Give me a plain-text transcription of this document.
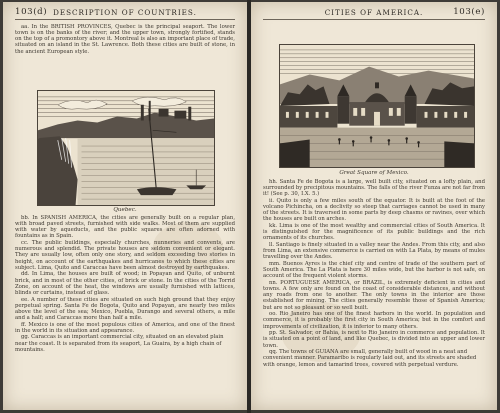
103(d) DESCRIPTION OF COUNTRIES.

aa. In the BRITISH PROVINCES, Quebec is the principal seaport. The lower town is on the banks of the river; and the upper town, strongly fortified, stands on the top of a promontory above it. Montreal is also an important place of trade, situated on an island in the St. Lawrence. Both these cities are built of stone, in the ancient European style.

Quebec.

bb. In SPANISH AMERICA, the cities are generally built on a regular plan, with broad paved streets, furnished with side walks. Most of them are supplied with water by aqueducts, and the public squares are often adorned with fountains as in Spain.

cc. The public buildings, especially churches, nunneries and convents, are numerous and splendid. The private houses are seldom convenient or elegant. They are usually low, often only one story, and seldom exceeding two stories in height, on account of the earthquakes and hurricanes to which these cities are subject. Lima, Quito and Caraccas have been almost destroyed by earthquakes.

dd. In Lima, the houses are built of wood; in Popayan and Quito, of unburnt brick, and in most of the other cities, of brick or stone. In the cities of the Torrid Zone, on account of the heat, the windows are usually furnished with lattices, blinds or curtains, instead of glass.

ee. A number of these cities are situated on such high ground that they enjoy perpetual spring. Santa Fe de Bogota, Quito and Popayan, are nearly two miles above the level of the sea; Mexico, Puebla, Durango and several others, a mile and a half; and Caraccas more than half a mile.

ff. Mexico is one of the most populous cities of America, and one of the finest in the world in its situation and appearance.

gg. Caraccas is an important commercial city, situated on an elevated plain near the coast. It is separated from its seaport, La Guaira, by a high chain of mountains.

CITIES OF AMERICA.	103(e)
Great Square of Mexico.

hh. Santa Fe de Bogota is a large, well built city, situated on a lofty plain, and surrounded by precipitous mountains. The falls of the river Funza are not far from it! (See p. 30, I.X. 5.)

ii. Quito is only a few miles south of the equator. It is built at the foot of the volcano Pichincha, on a declivity so steep that carriages cannot be used in many of the streets. It is traversed in some parts by deep chasms or ravines, over which the houses are built on arches.

kk. Lima is one of the most wealthy and commercial cities of South America. It is distinguished for the magnificence of its public buildings and the rich ornaments of its churches.

ll. Santiago is finely situated in a valley near the Andes. From this city, and also from Lima, an extensive commerce is carried on with La Plata, by means of mules travelling over the Andes.

mm. Buenos Ayres is the chief city and centre of trade of the southern part of South America. The La Plata is here 30 miles wide, but the harbor is not safe, on account of the frequent violent storms.

nn. PORTUGUESE AMERICA, or BRAZIL, is extremely deficient in cities and towns. A few only are found on the coast of considerable distances, and without any roads from one to another. The only towns in the interior are those established for mining. The cities generally resemble those of Spanish America; but are not so pleasant or so well built.

oo. Rio Janeiro has one of the finest harbors in the world. In population and commerce, it is probably the first city in South America; but in the comfort and improvements of civilization, it is inferior to many others.

pp. St. Salvador, or Bahia, is next to Rio Janeiro in commerce and population. It is situated on a point of land, and like Quebec, is divided into an upper and lower town.

qq. The towns of GUIANA are small, generally built of wood in a neat and convenient manner. Paramaribo is regularly laid out, and its streets are shaded with orange, lemon and tamarind trees, covered with perpetual verdure.
